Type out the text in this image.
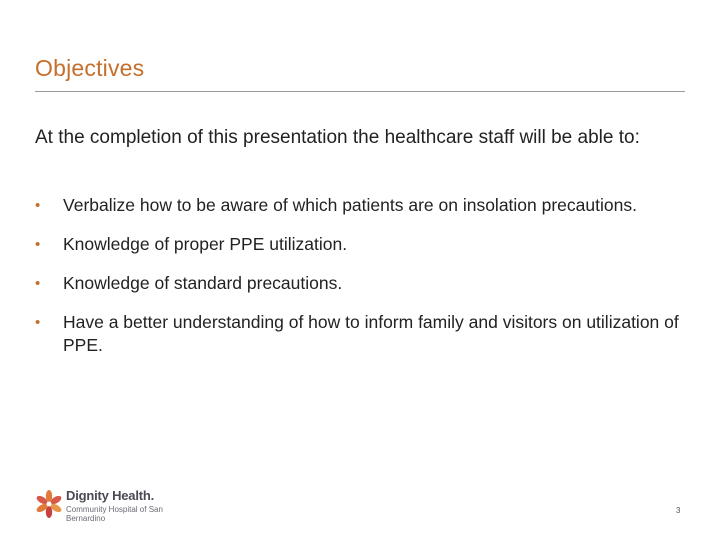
Objectives
At the completion of this presentation the healthcare staff will be able to:
•	Verbalize how to be aware of which patients are on insolation precautions.
•	Knowledge of proper PPE utilization.
•	Knowledge of standard precautions.
•	Have a better understanding of how to inform family and visitors on utilization of PPE.
Dignity Health.
Community Hospital of San Bernardino
3
